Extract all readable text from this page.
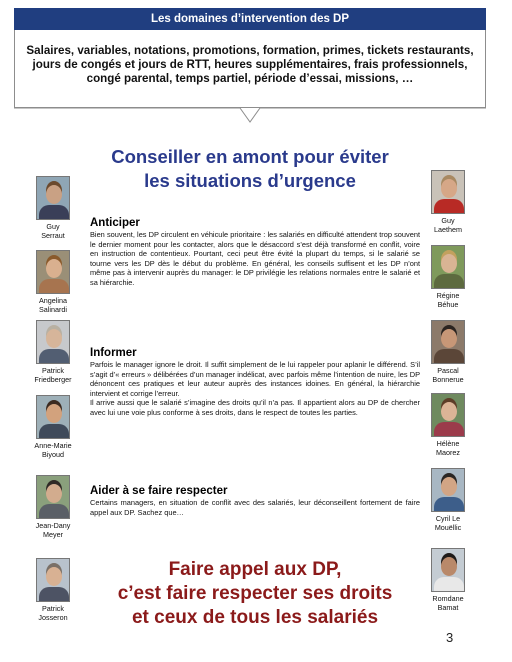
Les domaines d’intervention des DP
Salaires, variables, notations, promotions, formation, primes, tickets restaurants, jours de congés et jours de RTT, heures supplémentaires, frais professionnels, congé parental, temps partiel, période d’essai, missions, …
Conseiller en amont pour éviter
les situations d’urgence
Guy
Serraut
Angelina
Salinardi
Patrick
Friedberger
Anne-Marie
Biyoud
Jean-Dany
Meyer
Patrick
Josseron
Guy
Laethem
Régine
Béhue
Pascal
Bonnerue
Hélène
Maorez
Cyril Le
Mouëllic
Romdane
Bamat
Anticiper

Bien souvent, les DP circulent en véhicule prioritaire : les salariés en difficulté attendent trop souvent le dernier moment pour les contacter, alors que le désaccord s’est déjà transformé en conflit, voire en instruction de contentieux. Pourtant, ceci peut être évité la plupart du temps, si le salarié se tourne vers les DP dès le début du problème. En général, les conseils suffisent et les DP n’ont même pas à intervenir auprès du manager: le DP privilégie les relations normales entre le salarié et sa hiérarchie.

Informer

Parfois le manager ignore le droit. Il suffit simplement de le lui rappeler pour aplanir le différend. S’il s’agit d’« erreurs » délibérées d’un manager indélicat, avec parfois même l’intention de nuire, les DP dénoncent ces pratiques et leur auteur auprès des instances idoines. En général, la hiérarchie intervient et corrige l’erreur.

Il arrive aussi que le salarié s’imagine des droits qu’il n’a pas. Il appartient alors au DP de chercher avec lui une voie plus conforme à ses droits, dans le respect de toutes les parties.

Aider à se faire respecter

Certains managers, en situation de conflit avec des salariés, leur déconseillent fortement de faire appel aux DP. Sachez que…

Faire appel aux DP,
c’est faire respecter ses droits
et ceux de tous les salariés
3
